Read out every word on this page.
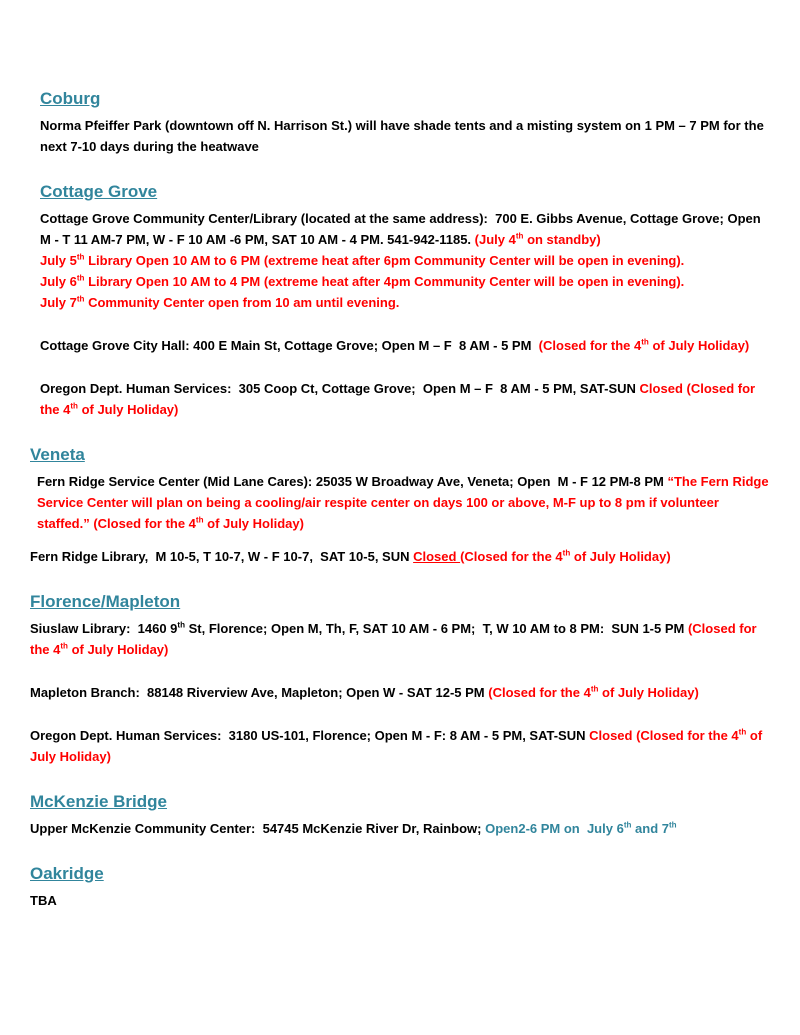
Coburg

Norma Pfeiffer Park (downtown off N. Harrison St.) will have shade tents and a misting system on 1 PM – 7 PM for the next 7-10 days during the heatwave

Cottage Grove

Cottage Grove Community Center/Library (located at the same address):  700 E. Gibbs Avenue, Cottage Grove; Open M - T 11 AM-7 PM, W - F 10 AM -6 PM, SAT 10 AM - 4 PM. 541-942-1185. (July 4th on standby)
July 5th Library Open 10 AM to 6 PM (extreme heat after 6pm Community Center will be open in evening).
July 6th Library Open 10 AM to 4 PM (extreme heat after 4pm Community Center will be open in evening).
July 7th Community Center open from 10 am until evening.

Cottage Grove City Hall: 400 E Main St, Cottage Grove; Open M – F  8 AM - 5 PM  (Closed for the 4th of July Holiday)

Oregon Dept. Human Services:  305 Coop Ct, Cottage Grove;  Open M – F  8 AM - 5 PM, SAT-SUN Closed (Closed for the 4th of July Holiday)

Veneta

Fern Ridge Service Center (Mid Lane Cares): 25035 W Broadway Ave, Veneta; Open  M - F 12 PM-8 PM “The Fern Ridge Service Center will plan on being a cooling/air respite center on days 100 or above, M-F up to 8 pm if volunteer staffed.” (Closed for the 4th of July Holiday)

Fern Ridge Library,  M 10-5, T 10-7, W - F 10-7,  SAT 10-5, SUN Closed (Closed for the 4th of July Holiday)

Florence/Mapleton

Siuslaw Library:  1460 9th St, Florence; Open M, Th, F, SAT 10 AM - 6 PM;  T, W 10 AM to 8 PM:  SUN 1-5 PM (Closed for the 4th of July Holiday)

Mapleton Branch:  88148 Riverview Ave, Mapleton; Open W - SAT 12-5 PM (Closed for the 4th of July Holiday)

Oregon Dept. Human Services:  3180 US-101, Florence; Open M - F: 8 AM - 5 PM, SAT-SUN Closed (Closed for the 4th of July Holiday)

McKenzie Bridge

Upper McKenzie Community Center:  54745 McKenzie River Dr, Rainbow; Open2-6 PM on  July 6th and 7th

Oakridge

TBA
